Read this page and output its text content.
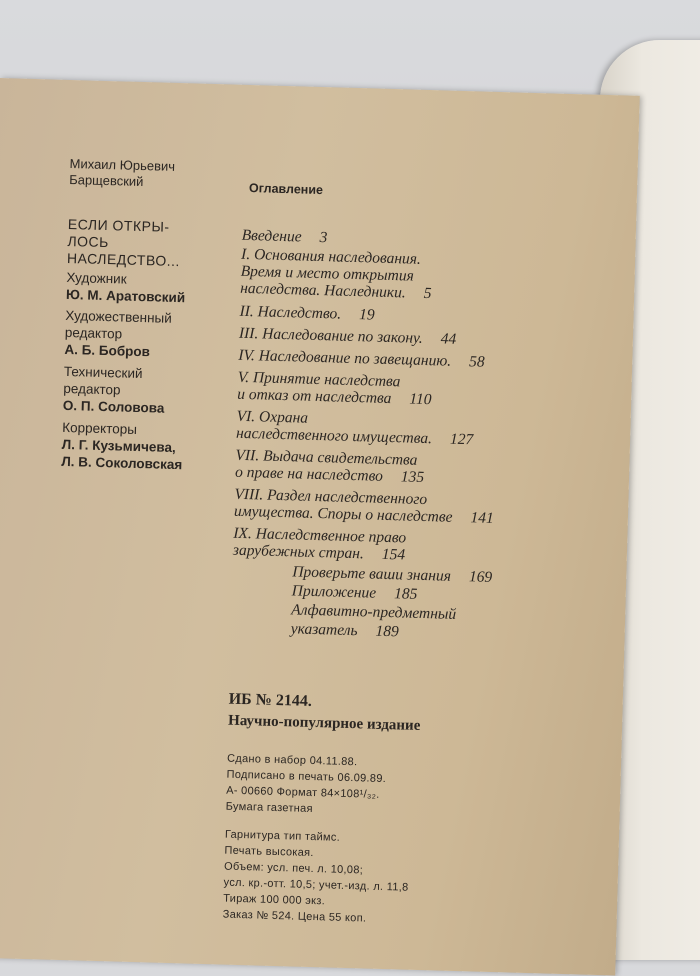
Михаил Юрьевич
Барщевский
ЕСЛИ ОТКРЫ-
ЛОСЬ
НАСЛЕДСТВО...
Художник
Ю. М. Аратовский
Художественный
редактор
А. Б. Бобров
Технический
редактор
О. П. Соловова
Корректоры
Л. Г. Кузьмичева,
Л. В. Соколовская
Оглавление
Введение 3
I. Основания наследования.
Время и место открытия
наследства. Наследники. 5
II. Наследство. 19
III. Наследование по закону. 44
IV. Наследование по завещанию. 58
V. Принятие наследства
и отказ от наследства 110
VI. Охрана
наследственного имущества. 127
VII. Выдача свидетельства
о праве на наследство 135
VIII. Раздел наследственного
имущества. Споры о наследстве 141
IX. Наследственное право
зарубежных стран. 154
Проверьте ваши знания 169
Приложение 185
Алфавитно-предметный
указатель 189
ИБ № 2144.
Научно-популярное издание
Сдано в набор 04.11.88.
Подписано в печать 06.09.89.
А- 00660 Формат 84×108¹/₃₂.
Бумага газетная
Гарнитура тип таймс.
Печать высокая.
Объем: усл. печ. л. 10,08;
усл. кр.-отт. 10,5; учет.-изд. л. 11,8
Тираж 100 000 экз.
Заказ № 524. Цена 55 коп.
